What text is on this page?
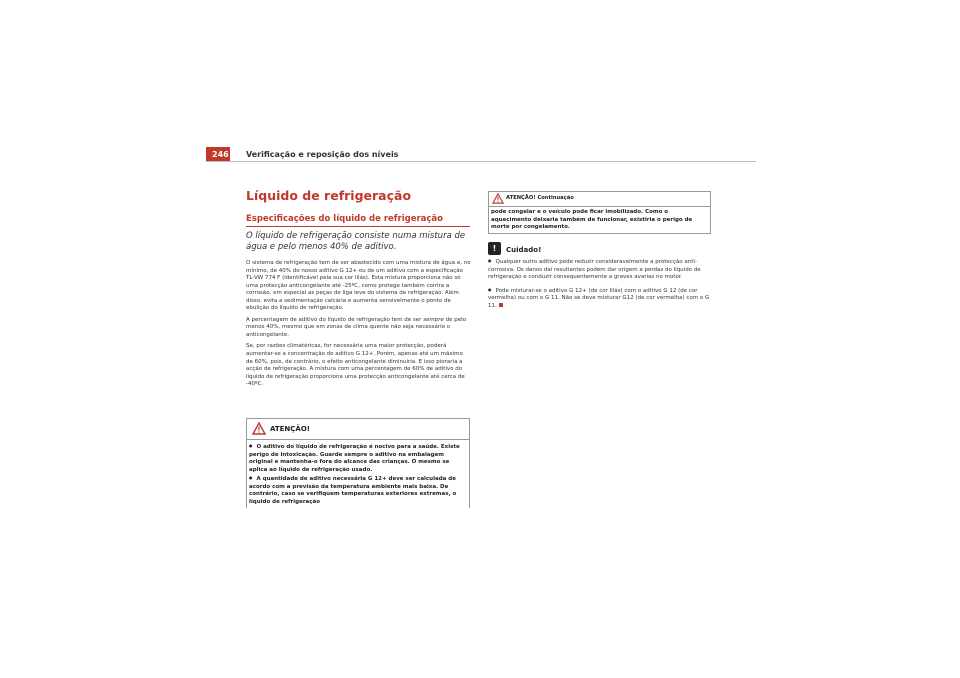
246 Verificação e reposição dos níveis
Líquido de refrigeração
Especificações do líquido de refrigeração
O líquido de refrigeração consiste numa mistura de água e pelo menos 40% de aditivo.

O sistema de refrigeração tem de ser abastecido com uma mistura de água e, no mínimo, de 40% do nosso aditivo G 12+ ou de um aditivo com a especificação TL-VW 774 F (identificável pela sua cor lilás). Esta mistura proporciona não só uma protecção anticongelante até -25ºC, como protege também contra a corrosão, em especial as peças de liga leve do sistema de refrigeração. Além disso, evita a sedimentação calcária e aumenta sensivelmente o ponto de ebulição do líquido de refrigeração.

A percentagem de aditivo do líquido de refrigeração tem de ser sempre de pelo menos 40%, mesmo que em zonas de clima quente não seja necessário o anticongelante.

Se, por razões climatéricas, for necessária uma maior protecção, poderá aumentar-se a concentração do aditivo G 12+. Porém, apenas até um máximo de 60%, pois, de contrário, o efeito anticongelante diminuiria. E isso pioraria a acção de refrigeração. A mistura com uma percentagem de 60% de aditivo do líquido de refrigeração proporciona uma protecção anticongelante até cerca de -40ºC.

ATENÇÃO!
● O aditivo do líquido de refrigeração é nocivo para a saúde. Existe perigo de intoxicação. Guarde sempre o aditivo na embalagem original e mantenha-o fora do alcance das crianças. O mesmo se aplica ao líquido de refrigeração usado.
● A quantidade de aditivo necessária G 12+ deve ser calculada de acordo com a previsão da temperatura ambiente mais baixa. De contrário, caso se verifiquem temperaturas exteriores extremas, o líquido de refrigeração
ATENÇÃO! Continuação
pode congelar e o veículo pode ficar imobilizado. Como o aquecimento deixaria também de funcionar, existiria o perigo de morte por congelamento.
!	Cuidado!

● Qualquer outro aditivo pode reduzir consideravelmente a protecção anti-corrosiva. Os danos daí resultantes podem dar origem a perdas do líquido de refrigeração e conduzir consequentemente a graves avarias no motor.

● Pode misturar-se o aditivo G 12+ (de cor lilás) com o aditivo G 12 (de cor vermelha) ou com o G 11. Não se deve misturar G12 (de cor vermelha) com o G 11.
